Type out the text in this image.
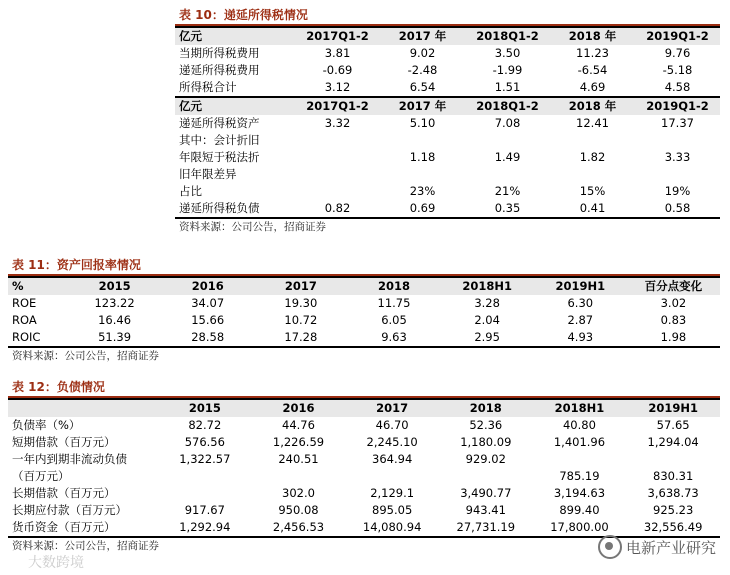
表 10：递延所得税情况
亿元	2017Q1-2	2017 年	2018Q1-2	2018 年	2019Q1-2
当期所得税费用	3.81	9.02	3.50	11.23	9.76
递延所得税费用	-0.69	-2.48	-1.99	-6.54	-5.18
所得税合计	3.12	6.54	1.51	4.69	4.58
亿元	2017Q1-2	2017 年	2018Q1-2	2018 年	2019Q1-2
递延所得税资产	3.32	5.10	7.08	12.41	17.37
其中：会计折旧					
年限短于税法折		1.18	1.49	1.82	3.33
旧年限差异					
占比		23%	21%	15%	19%
递延所得税负债	0.82	0.69	0.35	0.41	0.58
资料来源：公司公告，招商证券
表 11：资产回报率情况
%	2015	2016	2017	2018	2018H1	2019H1	百分点变化
ROE	123.22	34.07	19.30	11.75	3.28	6.30	3.02
ROA	16.46	15.66	10.72	6.05	2.04	2.87	0.83
ROIC	51.39	28.58	17.28	9.63	2.95	4.93	1.98
资料来源：公司公告，招商证券
表 12：负债情况
	2015	2016	2017	2018	2018H1	2019H1
负债率（%）	82.72	44.76	46.70	52.36	40.80	57.65
短期借款（百万元）	576.56	1,226.59	2,245.10	1,180.09	1,401.96	1,294.04
一年内到期非流动负债	1,322.57	240.51	364.94	929.02		
（百万元）					785.19	830.31
长期借款（百万元）		302.0	2,129.1	3,490.77	3,194.63	3,638.73
长期应付款（百万元）	917.67	950.08	895.05	943.41	899.40	925.23
货币资金（百万元）	1,292.94	2,456.53	14,080.94	27,731.19	17,800.00	32,556.49
资料来源：公司公告，招商证券
大数跨境
电新产业研究
